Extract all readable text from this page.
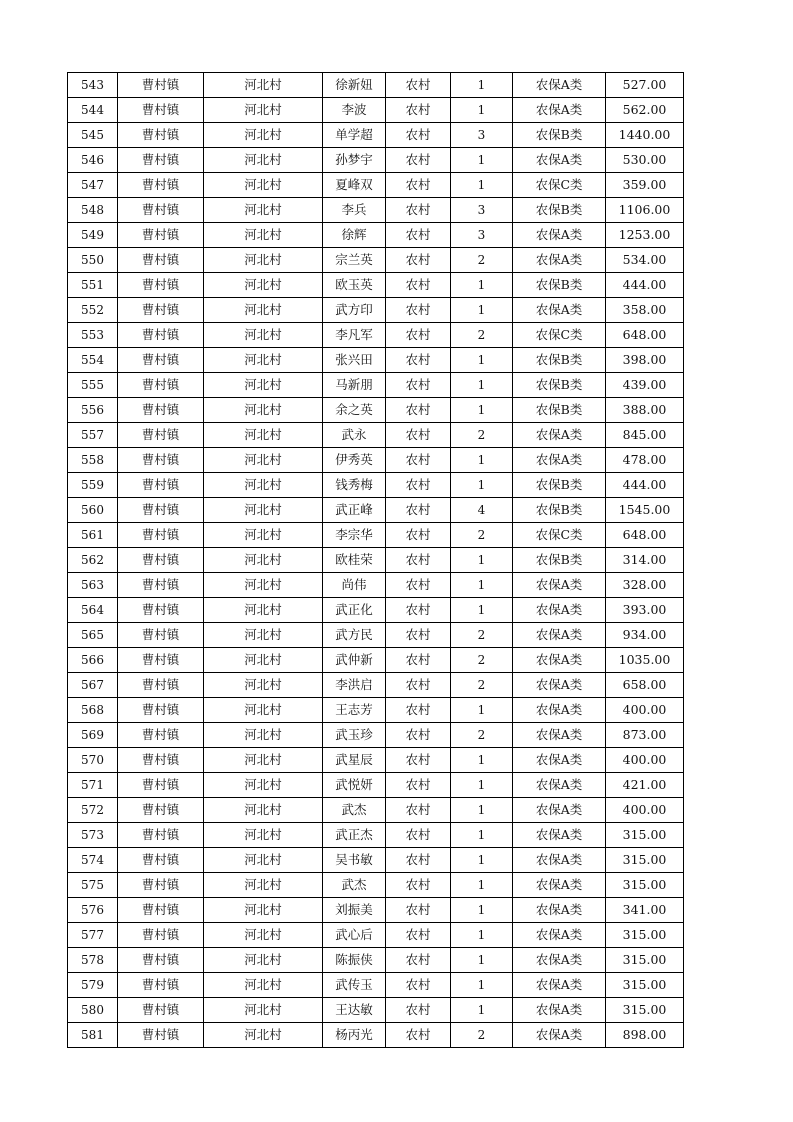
543	曹村镇	河北村	徐新妞	农村	1	农保A类	527.00
544	曹村镇	河北村	李波	农村	1	农保A类	562.00
545	曹村镇	河北村	单学超	农村	3	农保B类	1440.00
546	曹村镇	河北村	孙梦宇	农村	1	农保A类	530.00
547	曹村镇	河北村	夏峰双	农村	1	农保C类	359.00
548	曹村镇	河北村	李兵	农村	3	农保B类	1106.00
549	曹村镇	河北村	徐辉	农村	3	农保A类	1253.00
550	曹村镇	河北村	宗兰英	农村	2	农保A类	534.00
551	曹村镇	河北村	欧玉英	农村	1	农保B类	444.00
552	曹村镇	河北村	武方印	农村	1	农保A类	358.00
553	曹村镇	河北村	李凡军	农村	2	农保C类	648.00
554	曹村镇	河北村	张兴田	农村	1	农保B类	398.00
555	曹村镇	河北村	马新朋	农村	1	农保B类	439.00
556	曹村镇	河北村	余之英	农村	1	农保B类	388.00
557	曹村镇	河北村	武永	农村	2	农保A类	845.00
558	曹村镇	河北村	伊秀英	农村	1	农保A类	478.00
559	曹村镇	河北村	钱秀梅	农村	1	农保B类	444.00
560	曹村镇	河北村	武正峰	农村	4	农保B类	1545.00
561	曹村镇	河北村	李宗华	农村	2	农保C类	648.00
562	曹村镇	河北村	欧桂荣	农村	1	农保B类	314.00
563	曹村镇	河北村	尚伟	农村	1	农保A类	328.00
564	曹村镇	河北村	武正化	农村	1	农保A类	393.00
565	曹村镇	河北村	武方民	农村	2	农保A类	934.00
566	曹村镇	河北村	武仲新	农村	2	农保A类	1035.00
567	曹村镇	河北村	李洪启	农村	2	农保A类	658.00
568	曹村镇	河北村	王志芳	农村	1	农保A类	400.00
569	曹村镇	河北村	武玉珍	农村	2	农保A类	873.00
570	曹村镇	河北村	武星辰	农村	1	农保A类	400.00
571	曹村镇	河北村	武悦妍	农村	1	农保A类	421.00
572	曹村镇	河北村	武杰	农村	1	农保A类	400.00
573	曹村镇	河北村	武正杰	农村	1	农保A类	315.00
574	曹村镇	河北村	吴书敏	农村	1	农保A类	315.00
575	曹村镇	河北村	武杰	农村	1	农保A类	315.00
576	曹村镇	河北村	刘振美	农村	1	农保A类	341.00
577	曹村镇	河北村	武心后	农村	1	农保A类	315.00
578	曹村镇	河北村	陈振侠	农村	1	农保A类	315.00
579	曹村镇	河北村	武传玉	农村	1	农保A类	315.00
580	曹村镇	河北村	王达敏	农村	1	农保A类	315.00
581	曹村镇	河北村	杨丙光	农村	2	农保A类	898.00
